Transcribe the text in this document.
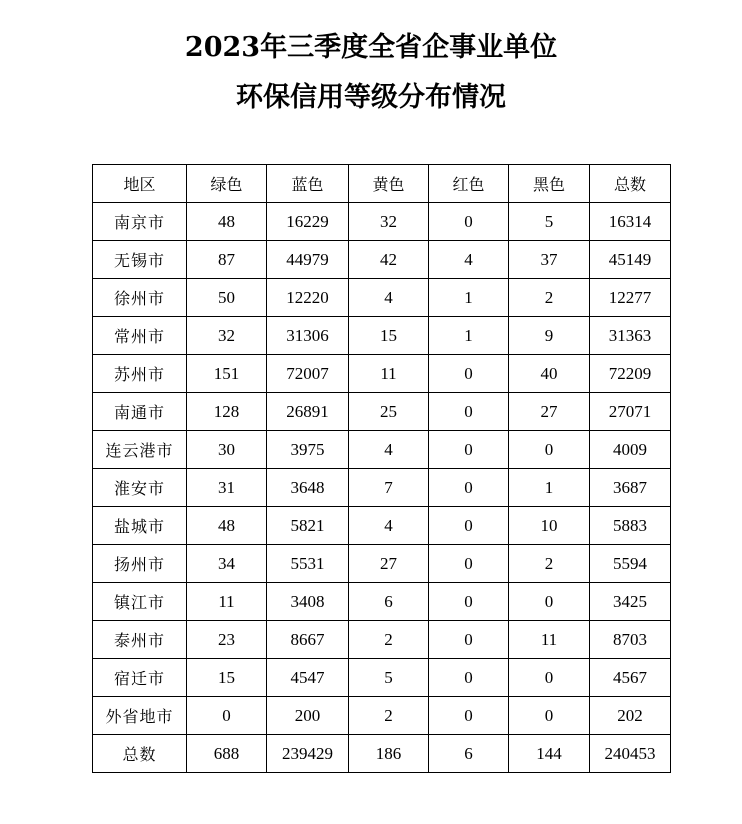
2023年三季度全省企事业单位
环保信用等级分布情况
地区	绿色	蓝色	黄色	红色	黑色	总数
南京市	48	16229	32	0	5	16314
无锡市	87	44979	42	4	37	45149
徐州市	50	12220	4	1	2	12277
常州市	32	31306	15	1	9	31363
苏州市	151	72007	11	0	40	72209
南通市	128	26891	25	0	27	27071
连云港市	30	3975	4	0	0	4009
淮安市	31	3648	7	0	1	3687
盐城市	48	5821	4	0	10	5883
扬州市	34	5531	27	0	2	5594
镇江市	11	3408	6	0	0	3425
泰州市	23	8667	2	0	11	8703
宿迁市	15	4547	5	0	0	4567
外省地市	0	200	2	0	0	202
总数	688	239429	186	6	144	240453
